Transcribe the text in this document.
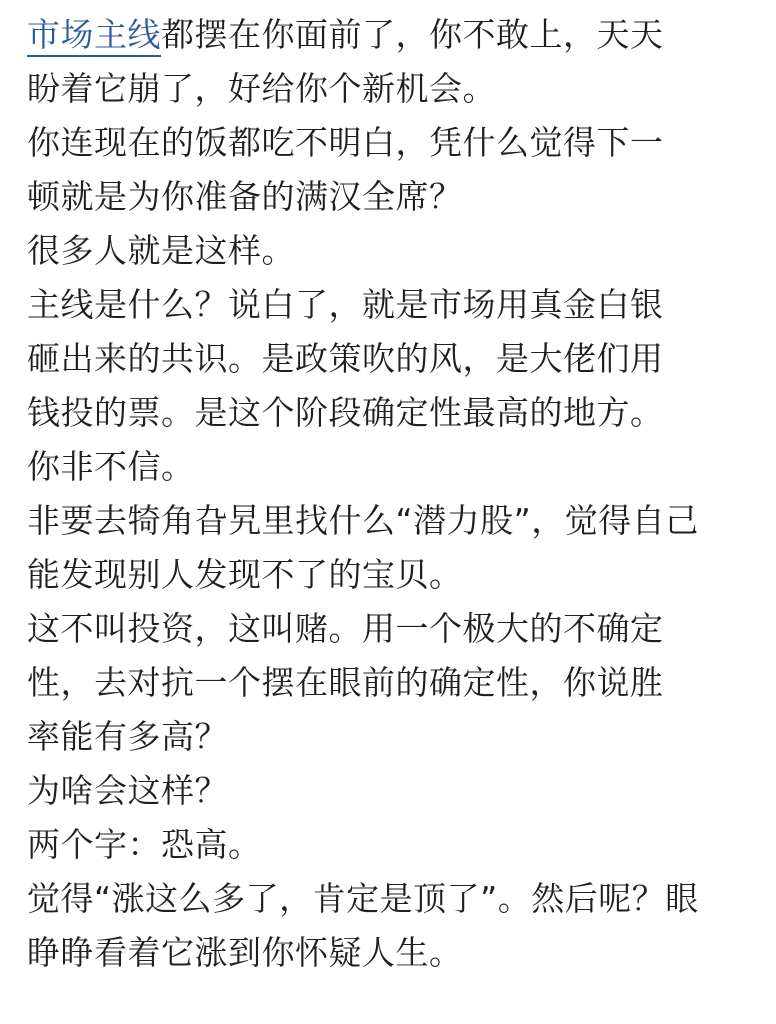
市场主线都摆在你面前了，你不敢上，天天
盼着它崩了，好给你个新机会。
你连现在的饭都吃不明白，凭什么觉得下一
顿就是为你准备的满汉全席？
很多人就是这样。
主线是什么？说白了，就是市场用真金白银
砸出来的共识。是政策吹的风，是大佬们用
钱投的票。是这个阶段确定性最高的地方。
你非不信。
非要去犄角旮旯里找什么“潜力股”，觉得自己
能发现别人发现不了的宝贝。
这不叫投资，这叫赌。用一个极大的不确定
性，去对抗一个摆在眼前的确定性，你说胜
率能有多高？
为啥会这样？
两个字：恐高。
觉得“涨这么多了，肯定是顶了”。然后呢？眼
睁睁看着它涨到你怀疑人生。
